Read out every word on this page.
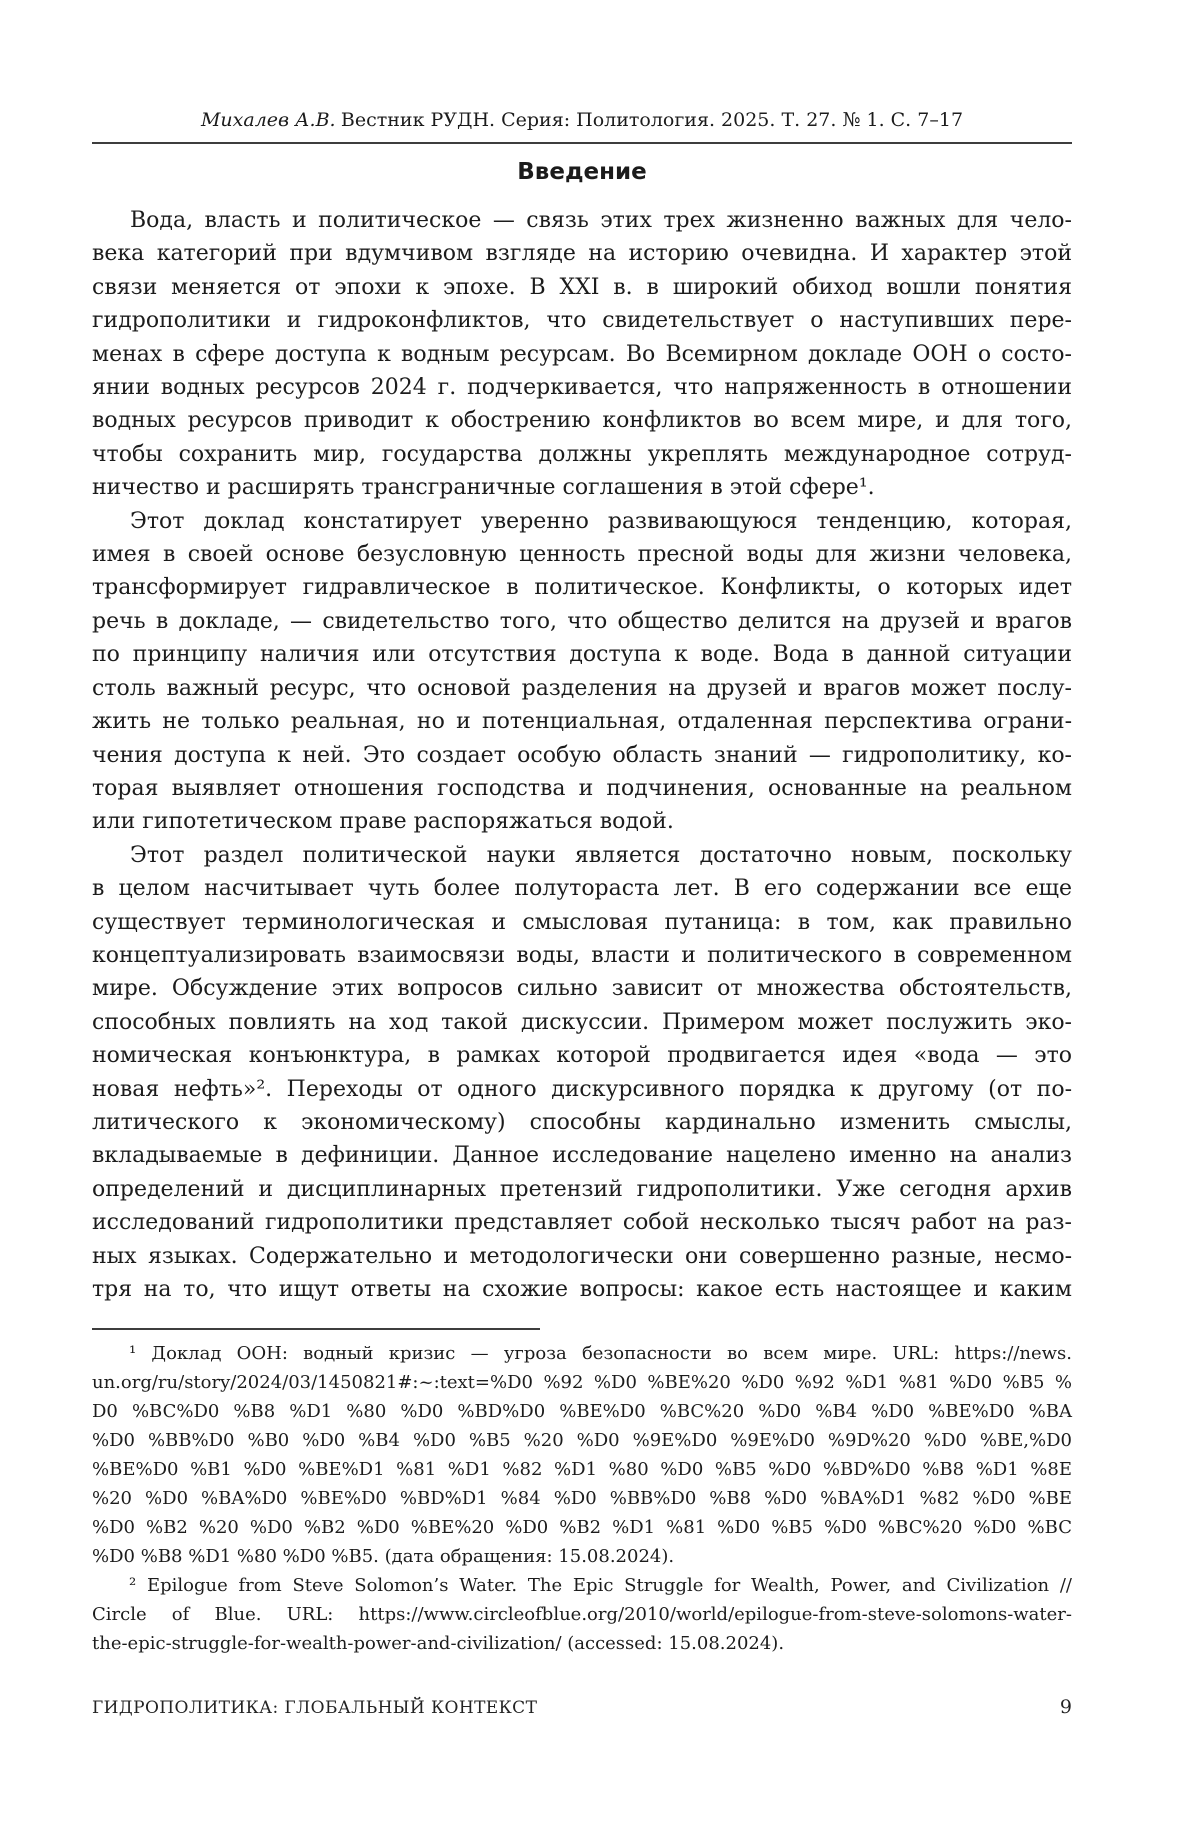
Михалев А.В. Вестник РУДН. Серия: Политология. 2025. Т. 27. № 1. С. 7–17
Введение
Вода, власть и политическое — связь этих трех жизненно важных для чело-
века категорий при вдумчивом взгляде на историю очевидна. И характер этой
связи меняется от эпохи к эпохе. В XXI в. в широкий обиход вошли понятия
гидрополитики и гидроконфликтов, что свидетельствует о наступивших пере-
менах в сфере доступа к водным ресурсам. Во Всемирном докладе ООН о состо-
янии водных ресурсов 2024 г. подчеркивается, что напряженность в отношении
водных ресурсов приводит к обострению конфликтов во всем мире, и для того,
чтобы сохранить мир, государства должны укреплять международное сотруд-
ничество и расширять трансграничные соглашения в этой сфере¹.
Этот доклад констатирует уверенно развивающуюся тенденцию, которая,
имея в своей основе безусловную ценность пресной воды для жизни человека,
трансформирует гидравлическое в политическое. Конфликты, о которых идет
речь в докладе, — свидетельство того, что общество делится на друзей и врагов
по принципу наличия или отсутствия доступа к воде. Вода в данной ситуации
столь важный ресурс, что основой разделения на друзей и врагов может послу-
жить не только реальная, но и потенциальная, отдаленная перспектива ограни-
чения доступа к ней. Это создает особую область знаний — гидрополитику, ко-
торая выявляет отношения господства и подчинения, основанные на реальном
или гипотетическом праве распоряжаться водой.
Этот раздел политической науки является достаточно новым, поскольку
в целом насчитывает чуть более полутораста лет. В его содержании все еще
существует терминологическая и смысловая путаница: в том, как правильно
концептуализировать взаимосвязи воды, власти и политического в современном
мире. Обсуждение этих вопросов сильно зависит от множества обстоятельств,
способных повлиять на ход такой дискуссии. Примером может послужить эко-
номическая конъюнктура, в рамках которой продвигается идея «вода — это
новая нефть»². Переходы от одного дискурсивного порядка к другому (от по-
литического к экономическому) способны кардинально изменить смыслы,
вкладываемые в дефиниции. Данное исследование нацелено именно на анализ
определений и дисциплинарных претензий гидрополитики. Уже сегодня архив
исследований гидрополитики представляет собой несколько тысяч работ на раз-
ных языках. Содержательно и методологически они совершенно разные, несмо-
тря на то, что ищут ответы на схожие вопросы: какое есть настоящее и каким
¹ Доклад ООН: водный кризис — угроза безопасности во всем мире. URL: https://news.
un.org/ru/story/2024/03/1450821#:~:text=%D0 %92 %D0 %BE%20 %D0 %92 %D1 %81 %D0 %B5 %
D0 %BC%D0 %B8 %D1 %80 %D0 %BD%D0 %BE%D0 %BC%20 %D0 %B4 %D0 %BE%D0 %BA
%D0 %BB%D0 %B0 %D0 %B4 %D0 %B5 %20 %D0 %9E%D0 %9E%D0 %9D%20 %D0 %BE,%D0
%BE%D0 %B1 %D0 %BE%D1 %81 %D1 %82 %D1 %80 %D0 %B5 %D0 %BD%D0 %B8 %D1 %8E
%20 %D0 %BA%D0 %BE%D0 %BD%D1 %84 %D0 %BB%D0 %B8 %D0 %BA%D1 %82 %D0 %BE
%D0 %B2 %20 %D0 %B2 %D0 %BE%20 %D0 %B2 %D1 %81 %D0 %B5 %D0 %BC%20 %D0 %BC
%D0 %B8 %D1 %80 %D0 %B5. (дата обращения: 15.08.2024).
² Epilogue from Steve Solomon’s Water. The Epic Struggle for Wealth, Power, and Civilization //
Circle of Blue. URL: https://www.circleofblue.org/2010/world/epilogue-from-steve-solomons-water-
the-epic-struggle-for-wealth-power-and-civilization/ (accessed: 15.08.2024).
ГИДРОПОЛИТИКА: ГЛОБАЛЬНЫЙ КОНТЕКСТ	9
